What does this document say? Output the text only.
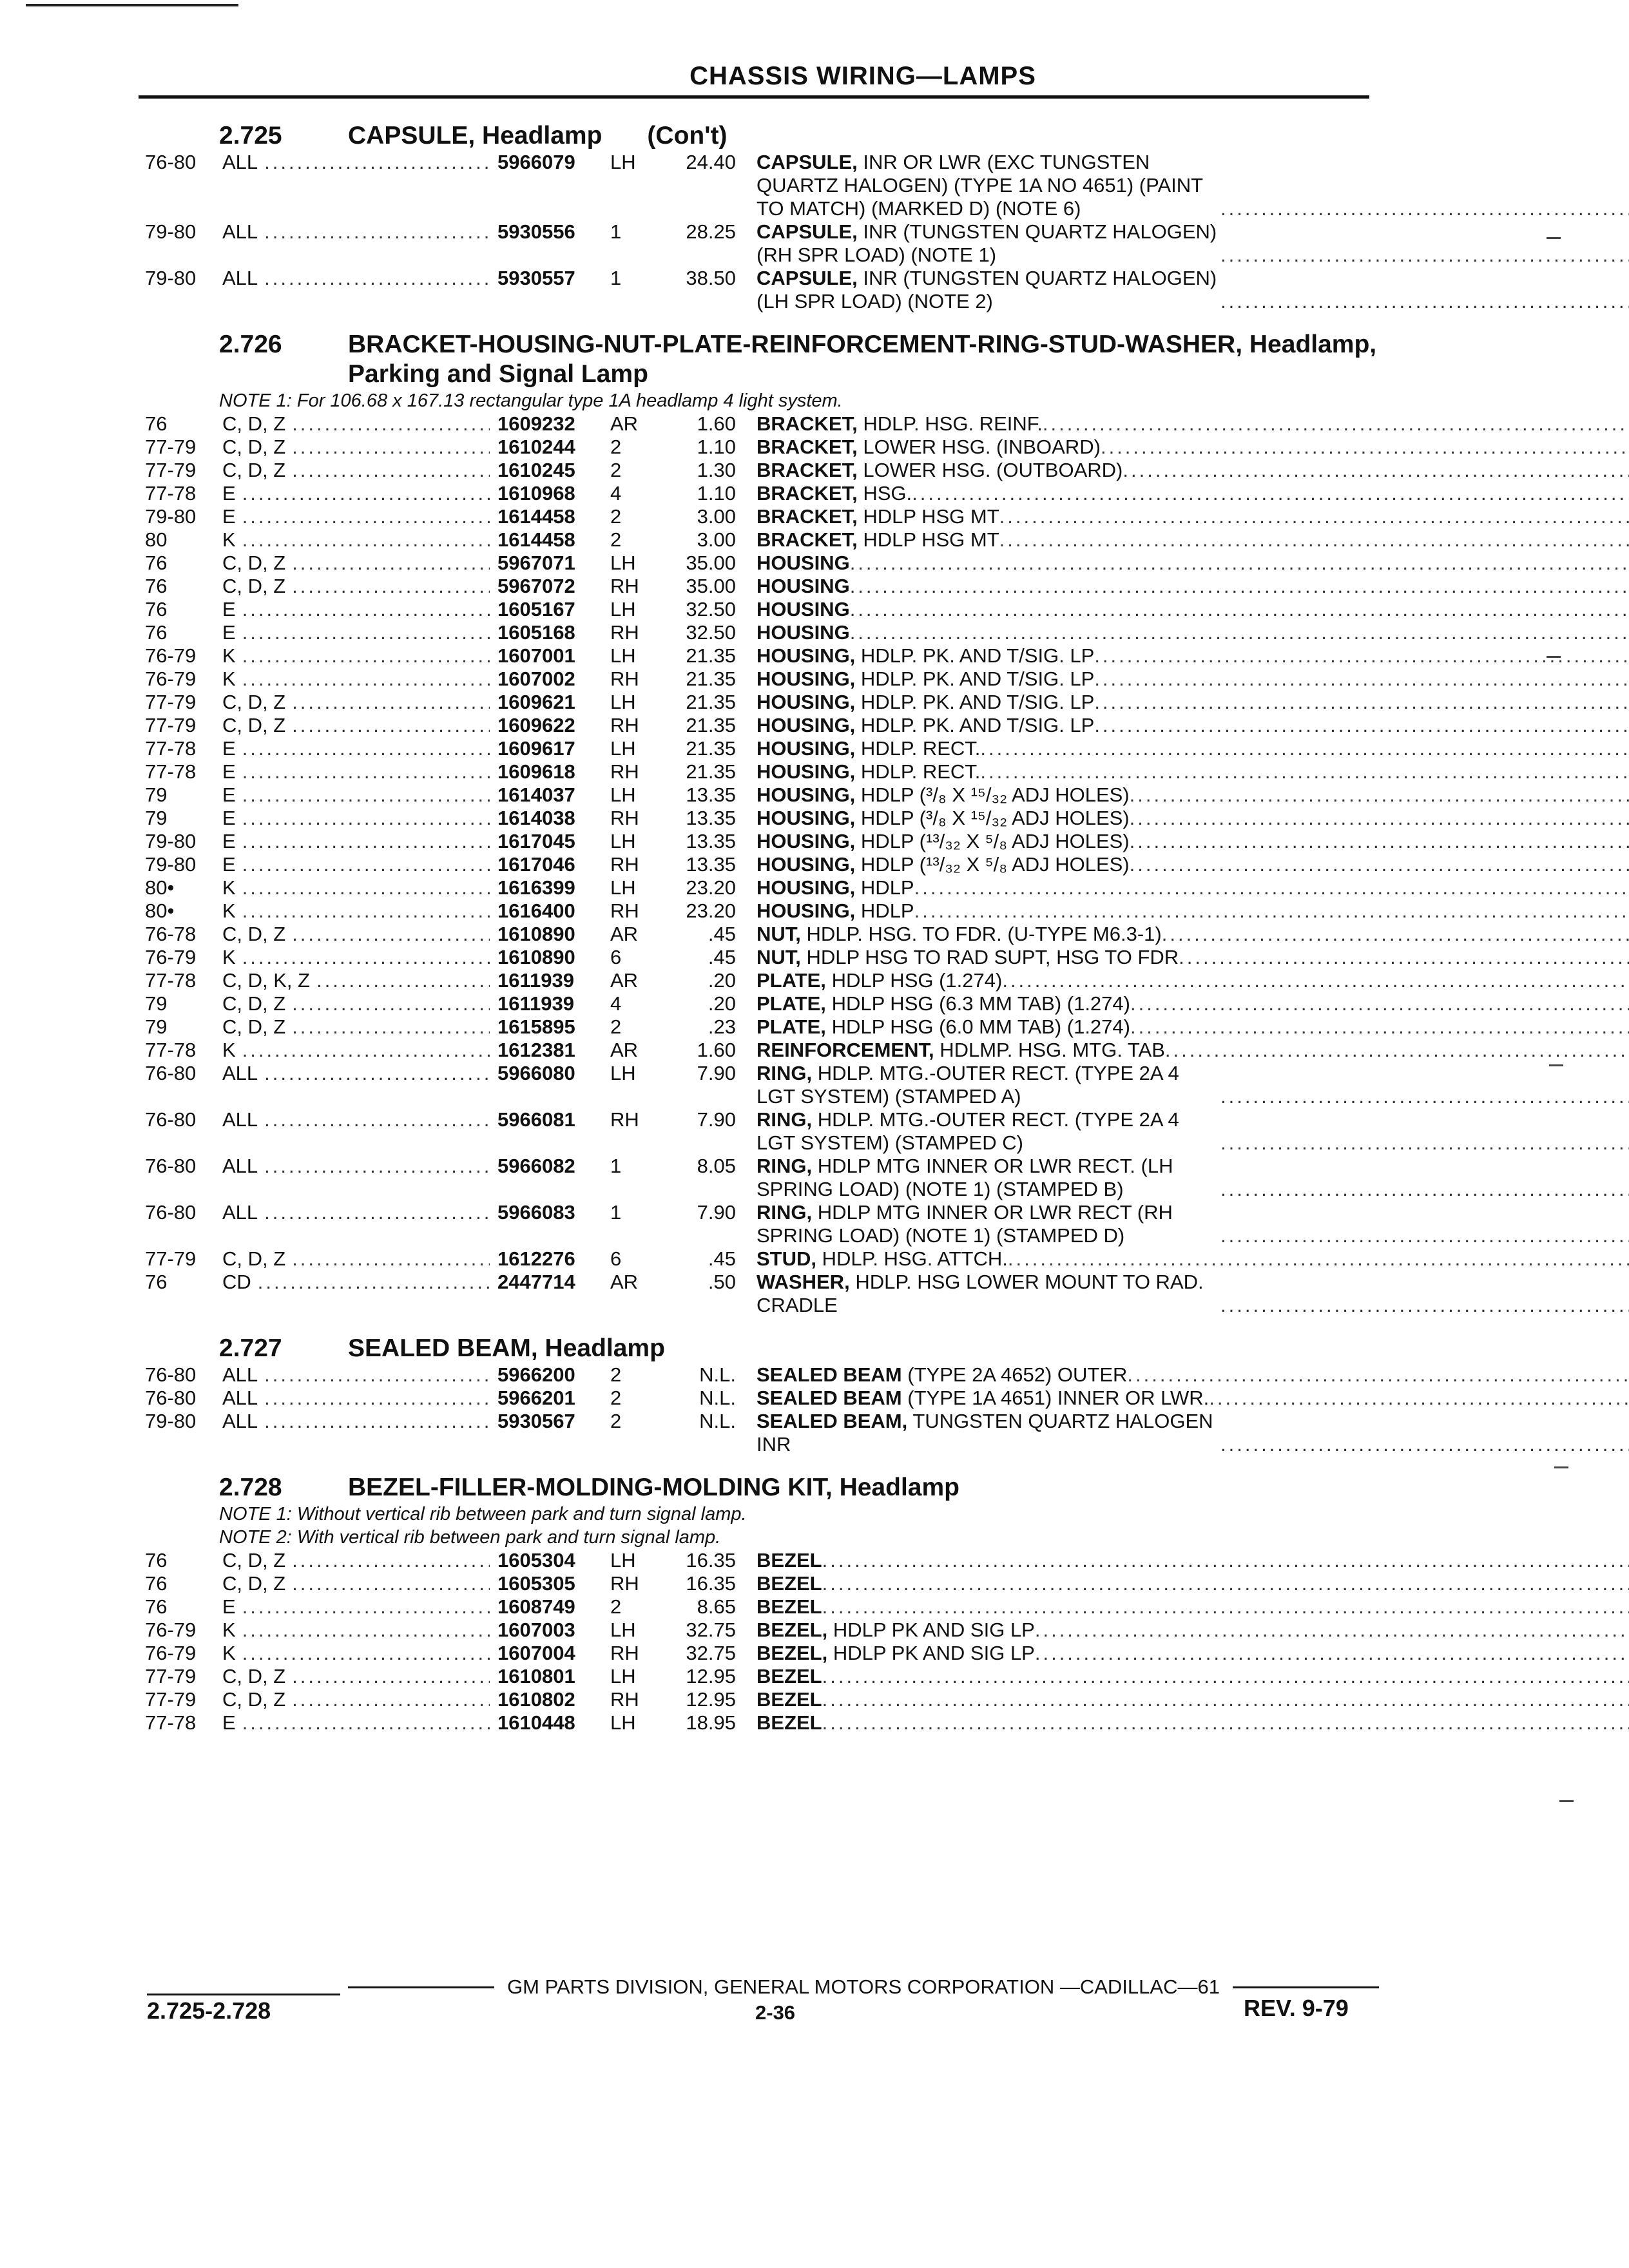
CHASSIS WIRING—LAMPS
2.725	CAPSULE, Headlamp (Con't)
76-80	ALL .....	5966079	LH	24.40	CAPSULE, INR OR LWR (EXC TUNGSTEN QUARTZ HALOGEN) (TYPE 1A NO 4651) (PAINT TO MATCH) (MARKED D) (NOTE 6)
.....
79-80	ALL .....	5930556	1	28.25	CAPSULE, INR (TUNGSTEN QUARTZ HALOGEN) (RH SPR LOAD) (NOTE 1)
.....
79-80	ALL .....	5930557	1	38.50	CAPSULE, INR (TUNGSTEN QUARTZ HALOGEN) (LH SPR LOAD) (NOTE 2)
.....
2.726	BRACKET-HOUSING-NUT-PLATE-REINFORCEMENT-RING-STUD-WASHER, Headlamp, Parking and Signal Lamp
NOTE 1: For 106.68 x 167.13 rectangular type 1A headlamp 4 light system.
76	C, D, Z .....	1609232	AR	1.60	BRACKET, HDLP. HSG. REINF.
.....
77-79	C, D, Z .....	1610244	2	1.10	BRACKET, LOWER HSG. (INBOARD)
.....
77-79	C, D, Z .....	1610245	2	1.30	BRACKET, LOWER HSG. (OUTBOARD)
.....
77-78	E .....	1610968	4	1.10	BRACKET, HSG.
.....
79-80	E .....	1614458	2	3.00	BRACKET, HDLP HSG MT
.....
80	K .....	1614458	2	3.00	BRACKET, HDLP HSG MT
.....
76	C, D, Z .....	5967071	LH	35.00	HOUSING
.....
76	C, D, Z .....	5967072	RH	35.00	HOUSING
.....
76	E .....	1605167	LH	32.50	HOUSING
.....
76	E .....	1605168	RH	32.50	HOUSING
.....
76-79	K .....	1607001	LH	21.35	HOUSING, HDLP. PK. AND T/SIG. LP
.....
76-79	K .....	1607002	RH	21.35	HOUSING, HDLP. PK. AND T/SIG. LP
.....
77-79	C, D, Z .....	1609621	LH	21.35	HOUSING, HDLP. PK. AND T/SIG. LP
.....
77-79	C, D, Z .....	1609622	RH	21.35	HOUSING, HDLP. PK. AND T/SIG. LP
.....
77-78	E .....	1609617	LH	21.35	HOUSING, HDLP. RECT.
.....
77-78	E .....	1609618	RH	21.35	HOUSING, HDLP. RECT.
.....
79	E .....	1614037	LH	13.35	HOUSING, HDLP (³/₈ X ¹⁵/₃₂ ADJ HOLES)
.....
79	E .....	1614038	RH	13.35	HOUSING, HDLP (³/₈ X ¹⁵/₃₂ ADJ HOLES)
.....
79-80	E .....	1617045	LH	13.35	HOUSING, HDLP (¹³/₃₂ X ⁵/₈ ADJ HOLES)
.....
79-80	E .....	1617046	RH	13.35	HOUSING, HDLP (¹³/₃₂ X ⁵/₈ ADJ HOLES)
.....
80•	K .....	1616399	LH	23.20	HOUSING, HDLP
.....
80•	K .....	1616400	RH	23.20	HOUSING, HDLP
.....
76-78	C, D, Z .....	1610890	AR	.45	NUT, HDLP. HSG. TO FDR. (U-TYPE M6.3-1)
.....
76-79	K .....	1610890	6	.45	NUT, HDLP HSG TO RAD SUPT, HSG TO FDR
.....
77-78	C, D, K, Z .....	1611939	AR	.20	PLATE, HDLP HSG (1.274)
.....
79	C, D, Z .....	1611939	4	.20	PLATE, HDLP HSG (6.3 MM TAB) (1.274)
.....
79	C, D, Z .....	1615895	2	.23	PLATE, HDLP HSG (6.0 MM TAB) (1.274)
.....
77-78	K .....	1612381	AR	1.60	REINFORCEMENT, HDLMP. HSG. MTG. TAB
.....
76-80	ALL .....	5966080	LH	7.90	RING, HDLP. MTG.-OUTER RECT. (TYPE 2A 4 LGT SYSTEM) (STAMPED A)
.....
76-80	ALL .....	5966081	RH	7.90	RING, HDLP. MTG.-OUTER RECT. (TYPE 2A 4 LGT SYSTEM) (STAMPED C)
.....
76-80	ALL .....	5966082	1	8.05	RING, HDLP MTG INNER OR LWR RECT. (LH SPRING LOAD) (NOTE 1) (STAMPED B)
.....
76-80	ALL .....	5966083	1	7.90	RING, HDLP MTG INNER OR LWR RECT (RH SPRING LOAD) (NOTE 1) (STAMPED D)
.....
77-79	C, D, Z .....	1612276	6	.45	STUD, HDLP. HSG. ATTCH.
.....
76	CD .....	2447714	AR	.50	WASHER, HDLP. HSG LOWER MOUNT TO RAD. CRADLE
.....
2.727	SEALED BEAM, Headlamp
76-80	ALL .....	5966200	2	N.L.	SEALED BEAM (TYPE 2A 4652) OUTER
.....
76-80	ALL .....	5966201	2	N.L.	SEALED BEAM (TYPE 1A 4651) INNER OR LWR.
.....
79-80	ALL .....	5930567	2	N.L.	SEALED BEAM, TUNGSTEN QUARTZ HALOGEN INR
.....
2.728	BEZEL-FILLER-MOLDING-MOLDING KIT, Headlamp
NOTE 1: Without vertical rib between park and turn signal lamp.
NOTE 2: With vertical rib between park and turn signal lamp.
76	C, D, Z .....	1605304	LH	16.35	BEZEL
.....
76	C, D, Z .....	1605305	RH	16.35	BEZEL
.....
76	E .....	1608749	2	8.65	BEZEL
.....
76-79	K .....	1607003	LH	32.75	BEZEL, HDLP PK AND SIG LP
.....
76-79	K .....	1607004	RH	32.75	BEZEL, HDLP PK AND SIG LP
.....
77-79	C, D, Z .....	1610801	LH	12.95	BEZEL
.....
77-79	C, D, Z .....	1610802	RH	12.95	BEZEL
.....
77-78	E .....	1610448	LH	18.95	BEZEL
.....
GM PARTS DIVISION, GENERAL MOTORS CORPORATION —CADILLAC—61
2.725-2.728	2-36	REV. 9-79
